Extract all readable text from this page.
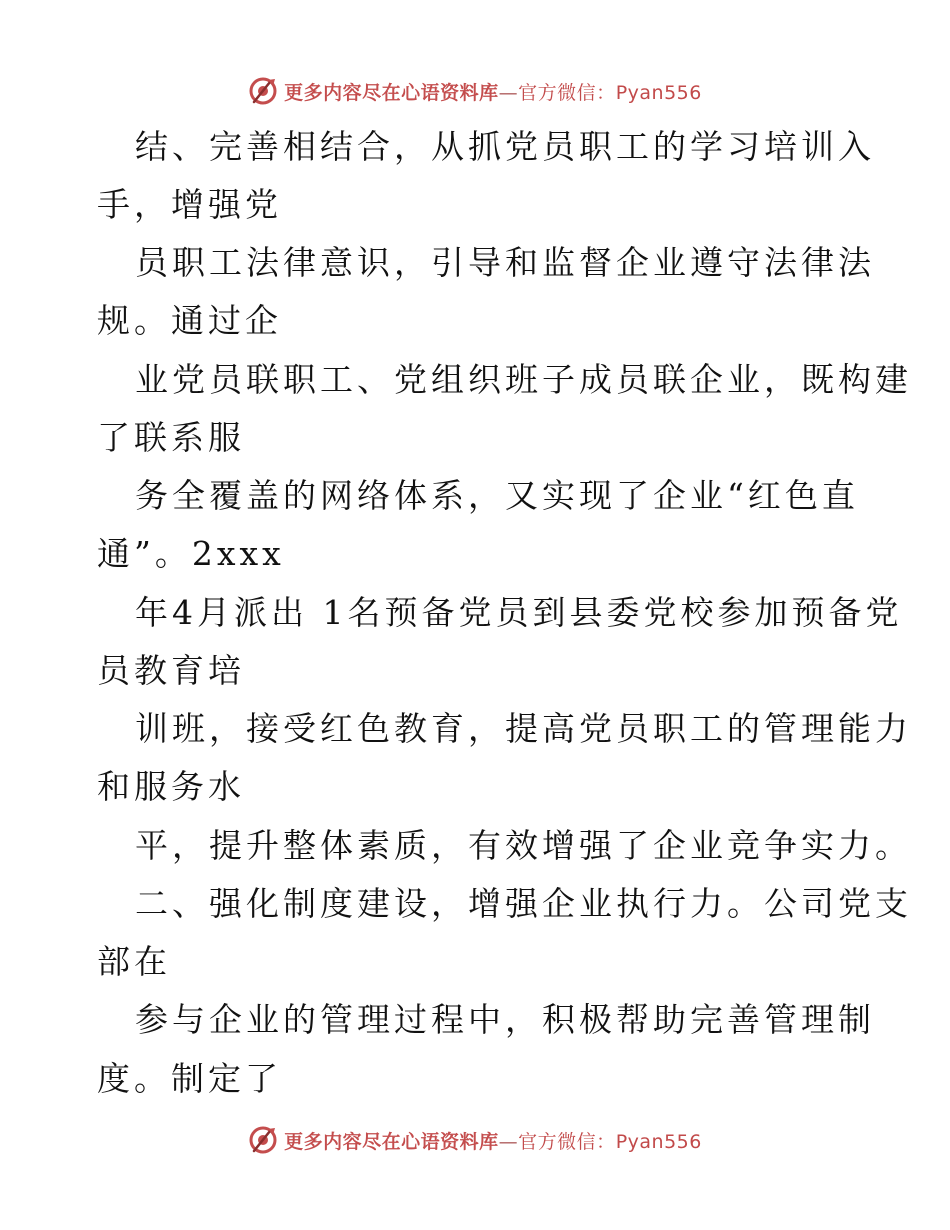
更多内容尽在心语资料库—官方微信：Pyan556
结、完善相结合，从抓党员职工的学习培训入
手，增强党
员职工法律意识，引导和监督企业遵守法律法
规。通过企
业党员联职工、党组织班子成员联企业，既构建
了联系服
务全覆盖的网络体系，又实现了企业“红色直
通”。2xxx
年4月派出 1名预备党员到县委党校参加预备党
员教育培
训班，接受红色教育，提高党员职工的管理能力
和服务水
平，提升整体素质，有效增强了企业竞争实力。
二、强化制度建设，增强企业执行力。公司党支
部在
参与企业的管理过程中，积极帮助完善管理制
度。制定了
更多内容尽在心语资料库—官方微信：Pyan556
